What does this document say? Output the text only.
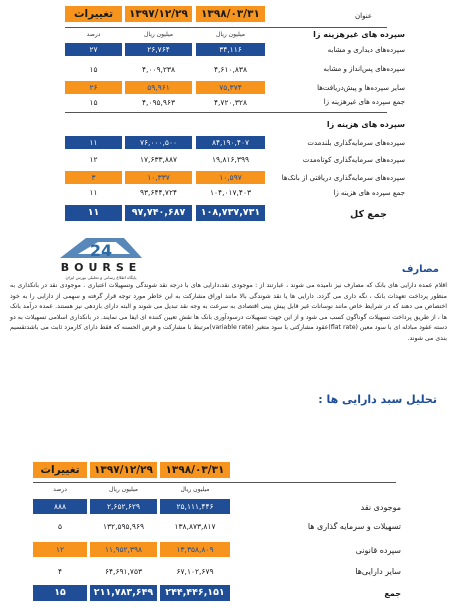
تغییرات	۱۳۹۷/۱۲/۲۹	۱۳۹۸/۰۳/۳۱	عنوان
درصد	میلیون ریال	میلیون ریال	سپرده های غیرهزینه زا
۲۷	۲۶,۷۶۴	۳۴,۱۱۶	سپرده‌های دیداری و مشابه
۱۵	۴,۰۰۹,۲۳۸	۴,۶۱۰,۸۳۸	سپرده‌های پس‌انداز و مشابه
۲۶	۵۹,۹۶۱	۷۵,۳۷۴	سایر سپرده‌ها و پیش‌دریافت‌ها
۱۵	۴,۰۹۵,۹۶۳	۴,۷۲۰,۳۲۸	جمع سپرده های غیرهزینه زا
سپرده های هزینه زا
۱۱	۷۶,۰۰۰,۵۰۰	۸۴,۱۹۰,۴۰۷	سپرده‌های سرمایه‌گذاری بلندمدت
۱۲	۱۷,۶۳۳,۸۸۷	۱۹,۸۱۶,۳۹۹	سپرده‌های سرمایه‌گذاری کوتاه‌مدت
۳	۱۰,۳۳۷	۱۰,۵۹۷	سپرده‌های سرمایه‌گذاری دریافتی از بانک‌ها
۱۱	۹۳,۶۴۴,۷۲۴	۱۰۴,۰۱۷,۴۰۳	جمع سپرده های هزینه زا
۱۱	۹۷,۷۴۰,۶۸۷	۱۰۸,۷۳۷,۷۳۱	جمع کل
24
BOURSE
پایگاه اطلاع رسانی و تحلیلی بورس ایران
مصارف
اقلام عمده دارایی های بانک که مصارف نیز نامیده می شوند ، عبارتند از : موجودی نقد،دارایی های با درجه نقد شوندگی وتسهیلات اعتباری . موجودی نقد در بانکداری به منظور پرداخت تعهدات بانک ، نگه داری می گردد. دارایی ها یا نقد شوندگی بالا مانند اوراق مشارکت به این خاطر مورد توجه قرار گرفته و سهمی از دارایی را به خود اختصاص می دهند که در شرایط خاص مانند نوسانات غیر قابل پیش بینی اقتصادی به سرعت به وجه نقد تبدیل می شوند و البته دارای بازدهی نیز هستند. عمده درآمد بانک ها ، از طریق پرداخت تسهیلات گوناگون کسب می شود و از این جهت تسهیلات درسودآوری بانک ها نقش تعیین کننده ای ایفا می نمایند. در بانکداری اسلامی تسهیلات به دو دسته عقود مبادله ای با سود معین (flat rate)عقود مشارکتی با سود متغیر (variable rate)مرتبط با مشارکت و قرض الحسنه که فقط دارای کارمزد ثابت می باشدتقسیم بندی می شوند.
تحلیل سبد دارایی ها :
تغییرات	۱۳۹۷/۱۲/۲۹	۱۳۹۸/۰۳/۳۱
درصد	میلیون ریال	میلیون ریال
۸۸۸	۲,۶۵۲,۶۲۹	۲۵,۱۱۱,۴۴۶	موجودی نقد
۵	۱۳۲,۵۹۵,۹۶۹	۱۳۸,۸۷۳,۸۱۷	تسهیلات و سرمایه گذاری ها
۱۲	۱۱,۹۵۲,۳۹۸	۱۳,۳۵۸,۸۰۹	سپرده قانونی
۴	۶۴,۶۹۱,۷۵۳	۶۷,۱۰۲,۶۷۹	سایر دارایی‌ها
۱۵	۲۱۱,۷۸۳,۶۴۹	۲۴۴,۴۴۶,۱۵۱	جمع
